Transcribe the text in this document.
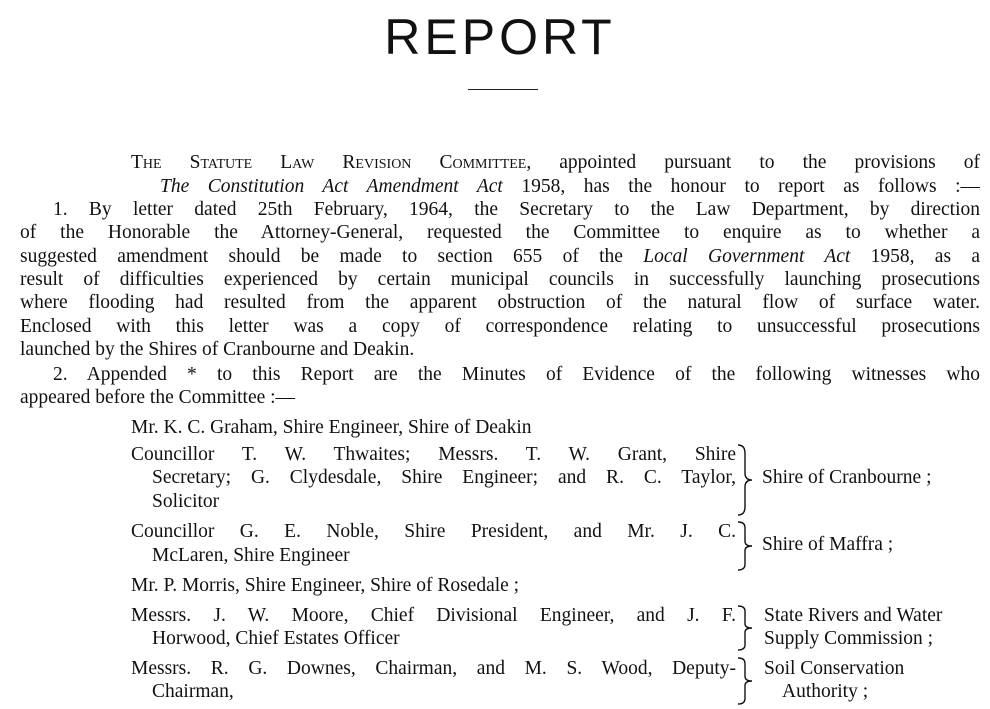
REPORT
The Statute Law Revision Committee, appointed pursuant to the provisions of
The Constitution Act Amendment Act 1958, has the honour to report as follows :—
1. By letter dated 25th February, 1964, the Secretary to the Law Department, by direction
of the Honorable the Attorney-General, requested the Committee to enquire as to whether a
suggested amendment should be made to section 655 of the Local Government Act 1958, as a
result of difficulties experienced by certain municipal councils in successfully launching prosecutions
where flooding had resulted from the apparent obstruction of the natural flow of surface water.
Enclosed with this letter was a copy of correspondence relating to unsuccessful prosecutions
launched by the Shires of Cranbourne and Deakin.
2. Appended * to this Report are the Minutes of Evidence of the following witnesses who
appeared before the Committee :—
Mr. K. C. Graham, Shire Engineer, Shire of Deakin
Councillor T. W. Thwaites; Messrs. T. W. Grant, Shire
Secretary; G. Clydesdale, Shire Engineer; and R. C. Taylor,
Solicitor
Shire of Cranbourne ;
Councillor G. E. Noble, Shire President, and Mr. J. C.
McLaren, Shire Engineer
Shire of Maffra ;
Mr. P. Morris, Shire Engineer, Shire of Rosedale ;
Messrs. J. W. Moore, Chief Divisional Engineer, and J. F.
Horwood, Chief Estates Officer
State Rivers and Water
Supply Commission ;
Messrs. R. G. Downes, Chairman, and M. S. Wood, Deputy-
Chairman,
Soil Conservation
Authority ;
